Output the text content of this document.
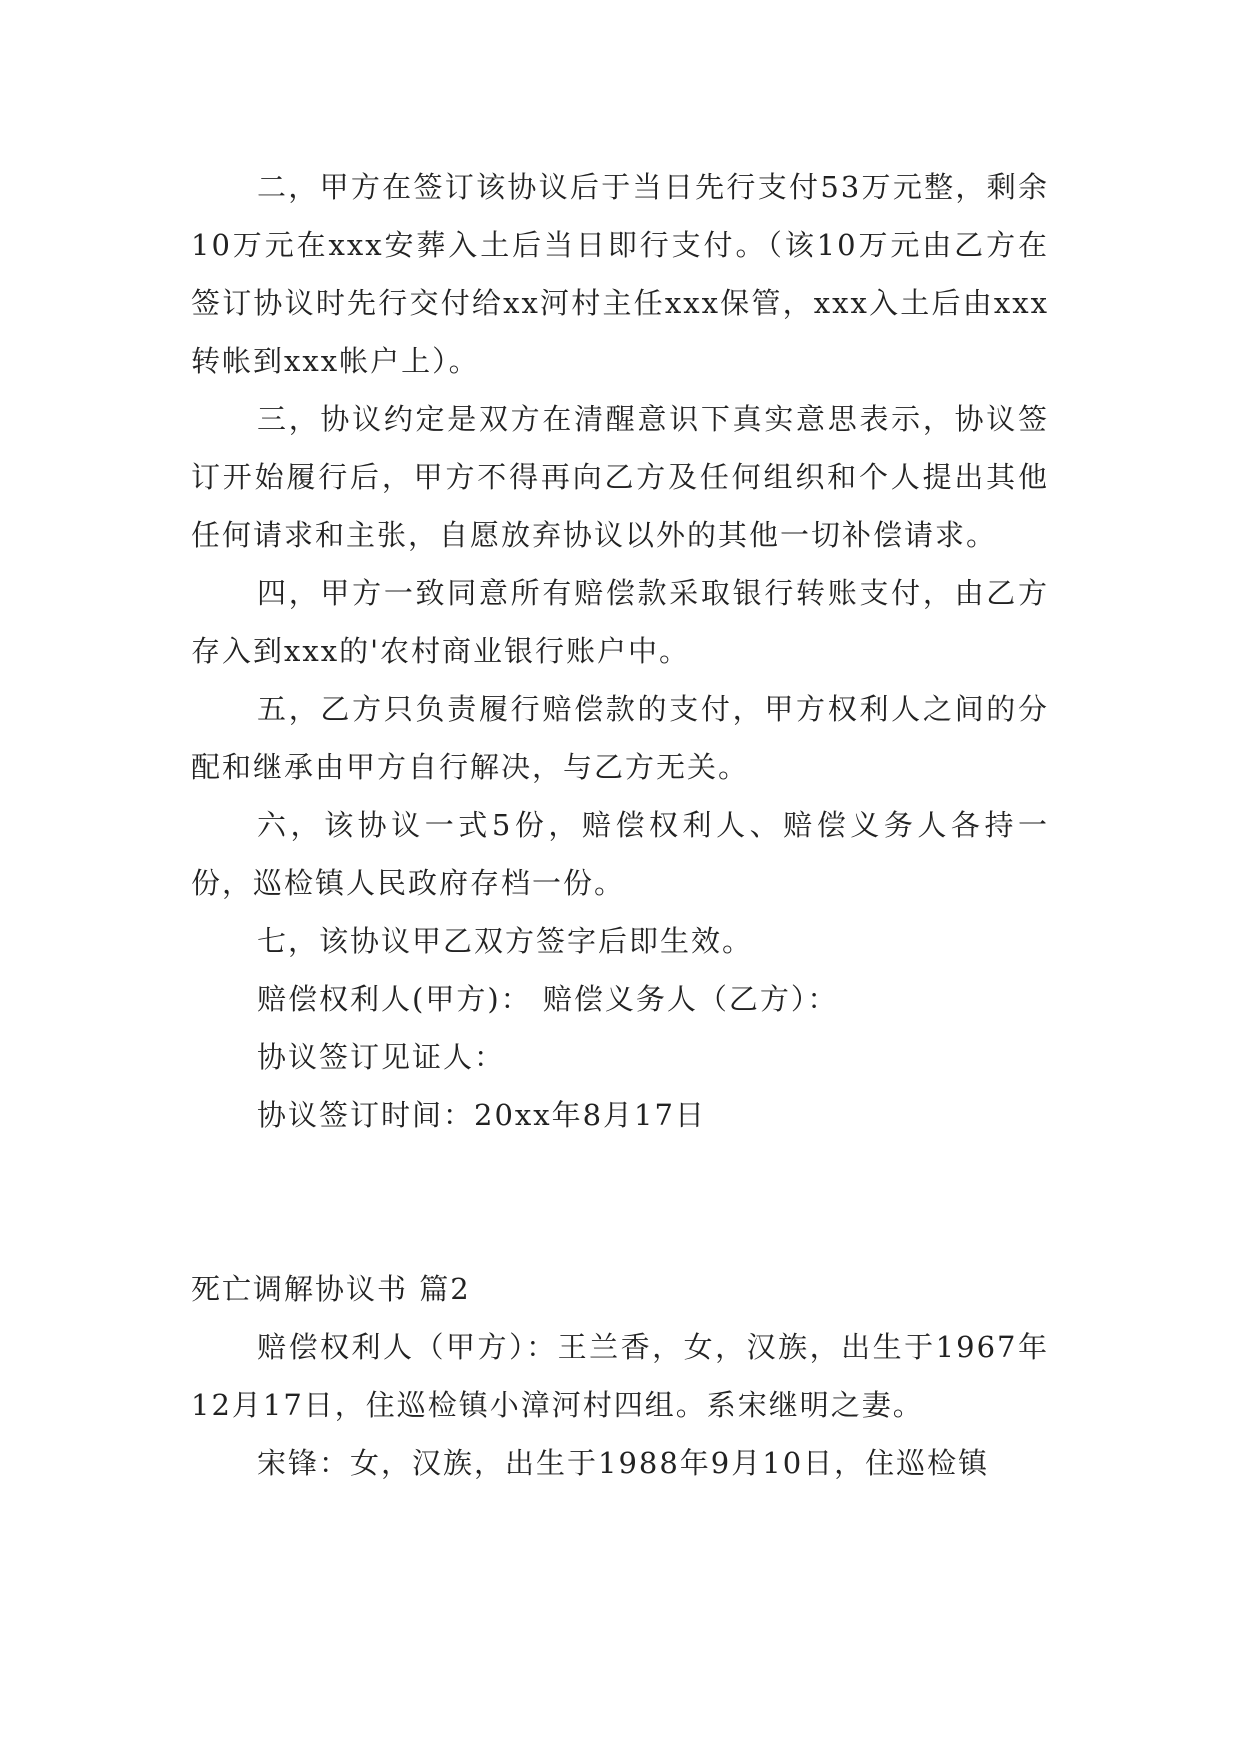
二，甲方在签订该协议后于当日先行支付53万元整，剩余10万元在xxx安葬入土后当日即行支付。（该10万元由乙方在签订协议时先行交付给xx河村主任xxx保管，xxx入土后由xxx转帐到xxx帐户上）。

三，协议约定是双方在清醒意识下真实意思表示，协议签订开始履行后，甲方不得再向乙方及任何组织和个人提出其他任何请求和主张，自愿放弃协议以外的其他一切补偿请求。

四，甲方一致同意所有赔偿款采取银行转账支付，由乙方存入到xxx的'农村商业银行账户中。

五，乙方只负责履行赔偿款的支付，甲方权利人之间的分配和继承由甲方自行解决，与乙方无关。

六，该协议一式5份，赔偿权利人、赔偿义务人各持一份，巡检镇人民政府存档一份。

七，该协议甲乙双方签字后即生效。

赔偿权利人(甲方)： 赔偿义务人（乙方）：

协议签订见证人：

协议签订时间：20xx年8月17日

死亡调解协议书 篇2

赔偿权利人（甲方）：王兰香，女，汉族，出生于1967年12月17日，住巡检镇小漳河村四组。系宋继明之妻。

宋锋：女，汉族，出生于1988年9月10日，住巡检镇
